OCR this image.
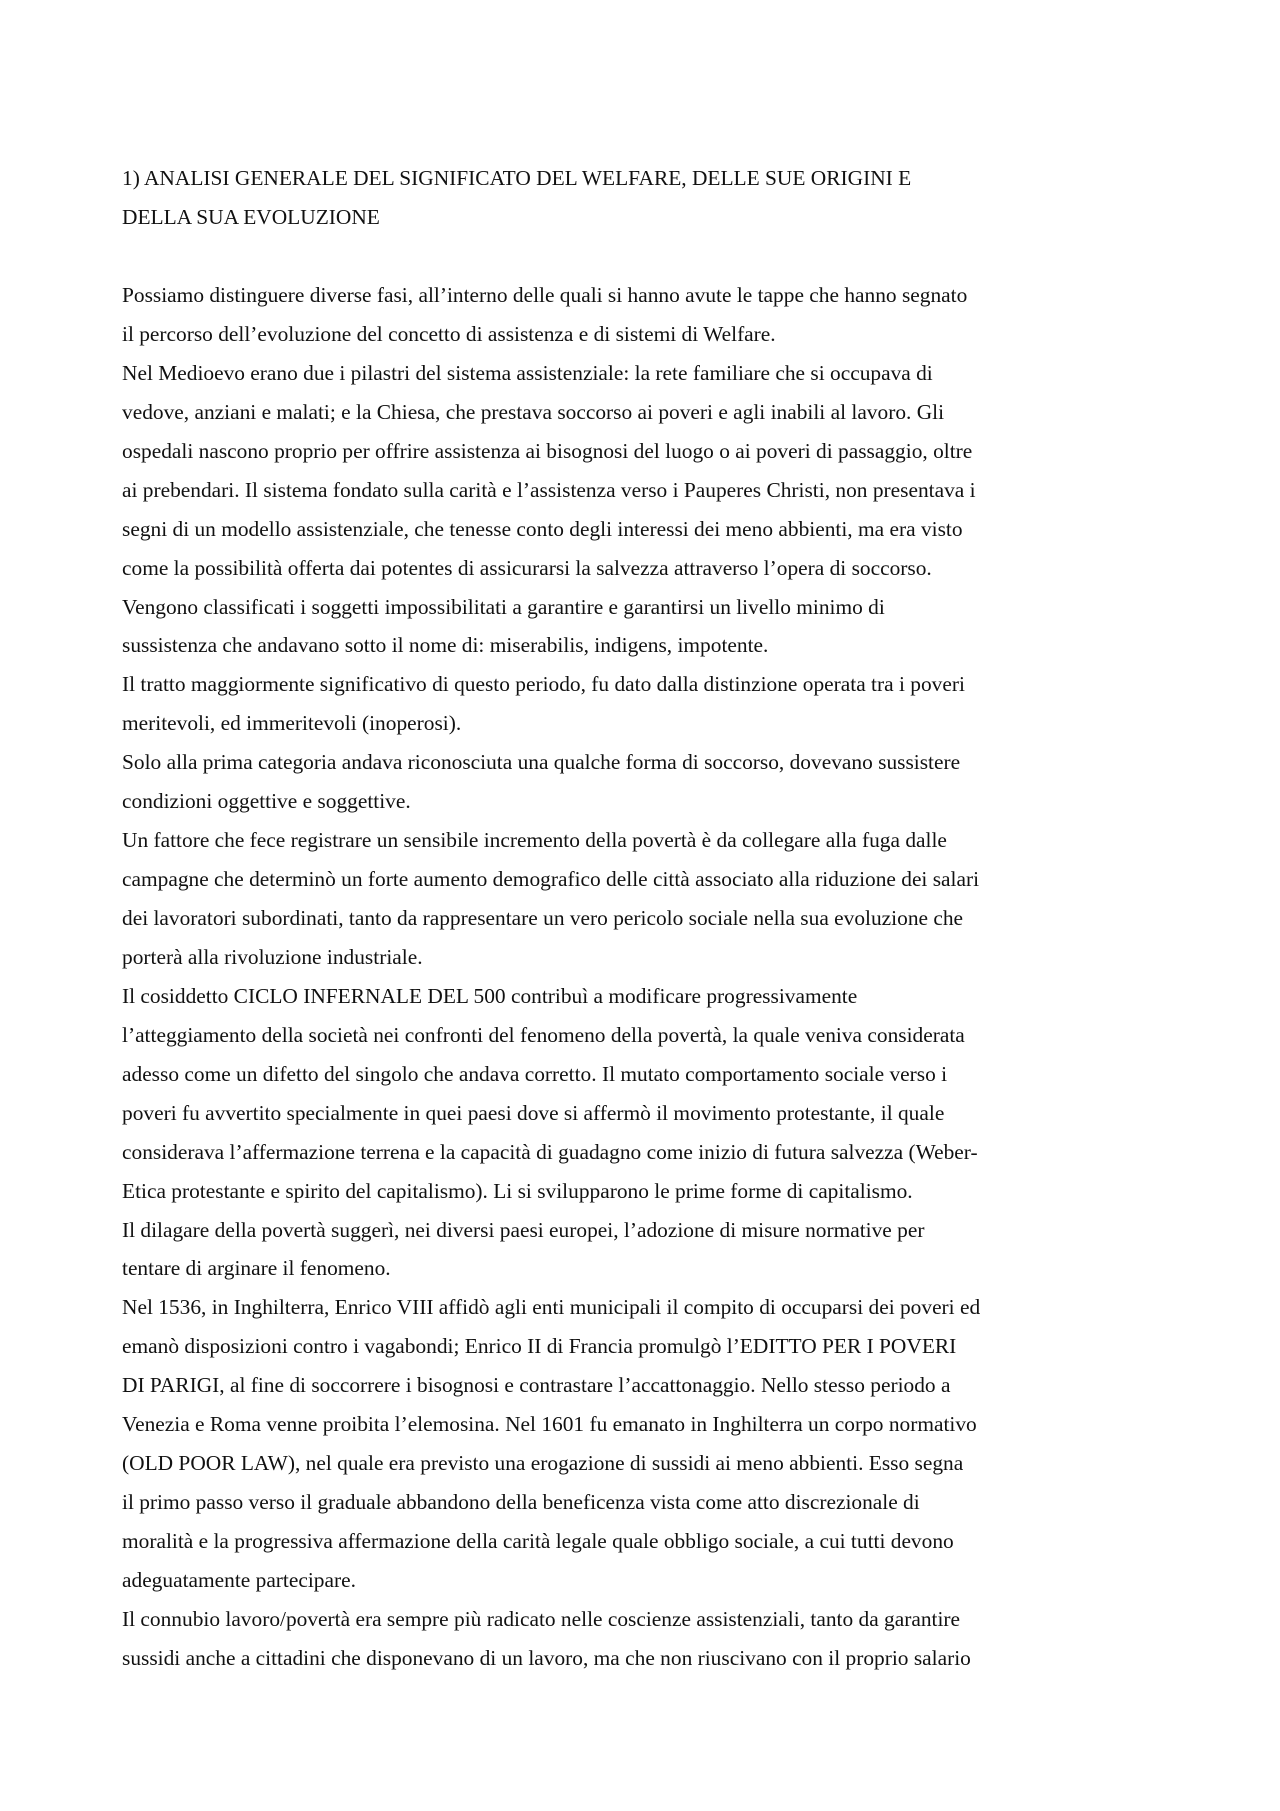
1) ANALISI GENERALE DEL SIGNIFICATO DEL WELFARE, DELLE SUE ORIGINI E
DELLA SUA EVOLUZIONE
Possiamo distinguere diverse fasi, all’interno delle quali si hanno avute le tappe che hanno segnato
il percorso dell’evoluzione del concetto di assistenza e di sistemi di Welfare.
Nel Medioevo erano due i pilastri del sistema assistenziale: la rete familiare che si occupava di
vedove, anziani e malati; e la Chiesa, che prestava soccorso ai poveri e agli inabili al lavoro. Gli
ospedali nascono proprio per offrire assistenza ai bisognosi del luogo o ai poveri di passaggio, oltre
ai prebendari. Il sistema fondato sulla carità e l’assistenza verso i Pauperes Christi, non presentava i
segni di un modello assistenziale, che tenesse conto degli interessi dei meno abbienti, ma era visto
come la possibilità offerta dai potentes di assicurarsi la salvezza attraverso l’opera di soccorso.
Vengono classificati i soggetti impossibilitati a garantire e garantirsi un livello minimo di
sussistenza che andavano sotto il nome di: miserabilis, indigens, impotente.
Il tratto maggiormente significativo di questo periodo, fu dato dalla distinzione operata tra i poveri
meritevoli, ed immeritevoli (inoperosi).
Solo alla prima categoria andava riconosciuta una qualche forma di soccorso, dovevano sussistere
condizioni oggettive e soggettive.
Un fattore che fece registrare un sensibile incremento della povertà è da collegare alla fuga dalle
campagne che determinò un forte aumento demografico delle città associato alla riduzione dei salari
dei lavoratori subordinati, tanto da rappresentare un vero pericolo sociale nella sua evoluzione che
porterà alla rivoluzione industriale.
Il cosiddetto CICLO INFERNALE DEL 500 contribuì a modificare progressivamente
l’atteggiamento della società nei confronti del fenomeno della povertà, la quale veniva considerata
adesso come un difetto del singolo che andava corretto. Il mutato comportamento sociale verso i
poveri fu avvertito specialmente in quei paesi dove si affermò il movimento protestante, il quale
considerava l’affermazione terrena e la capacità di guadagno come inizio di futura salvezza (Weber-
Etica protestante e spirito del capitalismo). Li si svilupparono le prime forme di capitalismo.
Il dilagare della povertà suggerì, nei diversi paesi europei, l’adozione di misure normative per
tentare di arginare il fenomeno.
Nel 1536, in Inghilterra, Enrico VIII affidò agli enti municipali il compito di occuparsi dei poveri ed
emanò disposizioni contro i vagabondi; Enrico II di Francia promulgò l’EDITTO PER I POVERI
DI PARIGI, al fine di soccorrere i bisognosi e contrastare l’accattonaggio. Nello stesso periodo a
Venezia e Roma venne proibita l’elemosina. Nel 1601 fu emanato in Inghilterra un corpo normativo
(OLD POOR LAW), nel quale era previsto una erogazione di sussidi ai meno abbienti. Esso segna
il primo passo verso il graduale abbandono della beneficenza vista come atto discrezionale di
moralità e la progressiva affermazione della carità legale quale obbligo sociale, a cui tutti devono
adeguatamente partecipare.
Il connubio lavoro/povertà era sempre più radicato nelle coscienze assistenziali, tanto da garantire
sussidi anche a cittadini che disponevano di un lavoro, ma che non riuscivano con il proprio salario
